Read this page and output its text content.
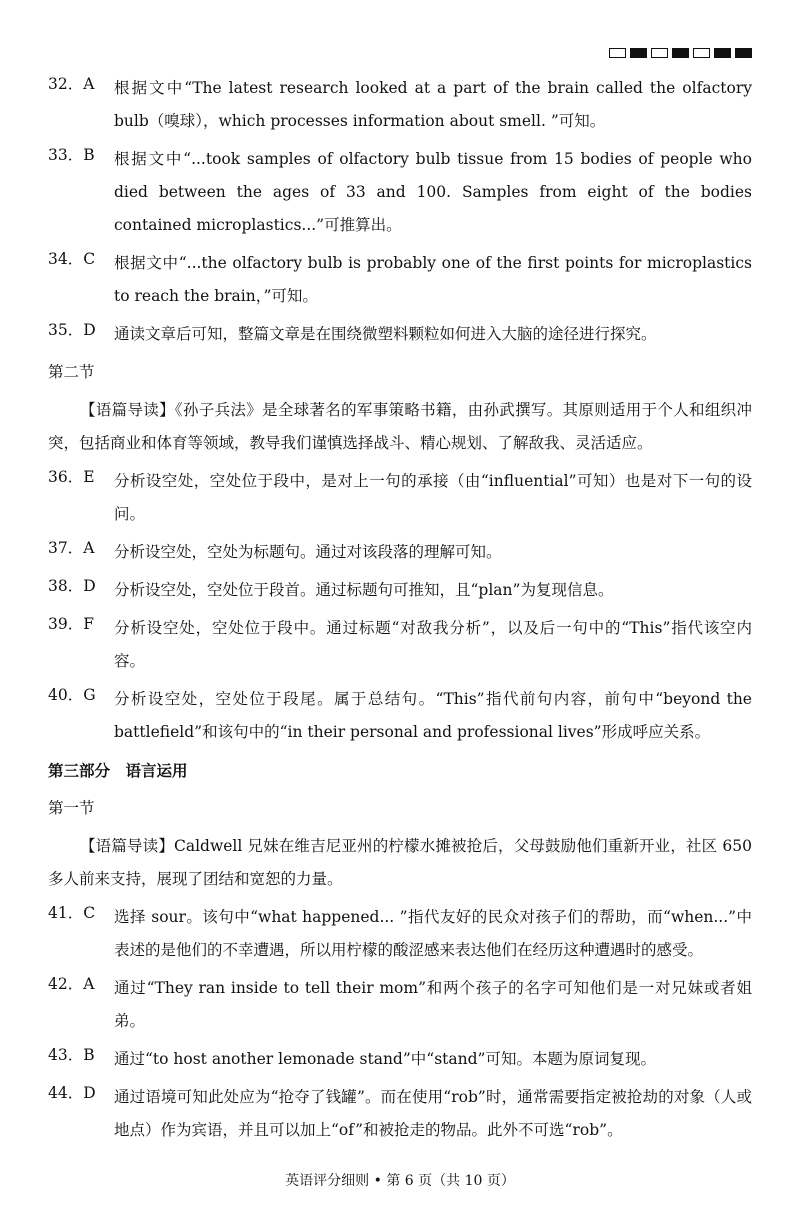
32．A	根据文中“The latest research looked at a part of the brain called the olfactory bulb（嗅球），which processes information about smell. ”可知。
33．B	根据文中“...took samples of olfactory bulb tissue from 15 bodies of people who died between the ages of 33 and 100. Samples from eight of the bodies contained microplastics...”可推算出。
34．C	根据文中“...the olfactory bulb is probably one of the first points for microplastics to reach the brain，”可知。
35．D	通读文章后可知，整篇文章是在围绕微塑料颗粒如何进入大脑的途径进行探究。
第二节
【语篇导读】《孙子兵法》是全球著名的军事策略书籍，由孙武撰写。其原则适用于个人和组织冲突，包括商业和体育等领域，教导我们谨慎选择战斗、精心规划、了解敌我、灵活适应。
36．E	分析设空处，空处位于段中，是对上一句的承接（由“influential”可知）也是对下一句的设问。
37．A	分析设空处，空处为标题句。通过对该段落的理解可知。
38．D	分析设空处，空处位于段首。通过标题句可推知，且“plan”为复现信息。
39．F	分析设空处，空处位于段中。通过标题“对敌我分析”，以及后一句中的“This”指代该空内容。
40．G	分析设空处，空处位于段尾。属于总结句。“This”指代前句内容，前句中“beyond the battlefield”和该句中的“in their personal and professional lives”形成呼应关系。
第三部分　语言运用
第一节
【语篇导读】Caldwell 兄妹在维吉尼亚州的柠檬水摊被抢后，父母鼓励他们重新开业，社区 650 多人前来支持，展现了团结和宽恕的力量。
41．C	选择 sour。该句中“what happened... ”指代友好的民众对孩子们的帮助，而“when...”中表述的是他们的不幸遭遇，所以用柠檬的酸涩感来表达他们在经历这种遭遇时的感受。
42．A	通过“They ran inside to tell their mom”和两个孩子的名字可知他们是一对兄妹或者姐弟。
43．B	通过“to host another lemonade stand”中“stand”可知。本题为原词复现。
44．D	通过语境可知此处应为“抢夺了钱罐”。而在使用“rob”时，通常需要指定被抢劫的对象（人或地点）作为宾语，并且可以加上“of”和被抢走的物品。此外不可选“rob”。
英语评分细则 • 第 6 页（共 10 页）
